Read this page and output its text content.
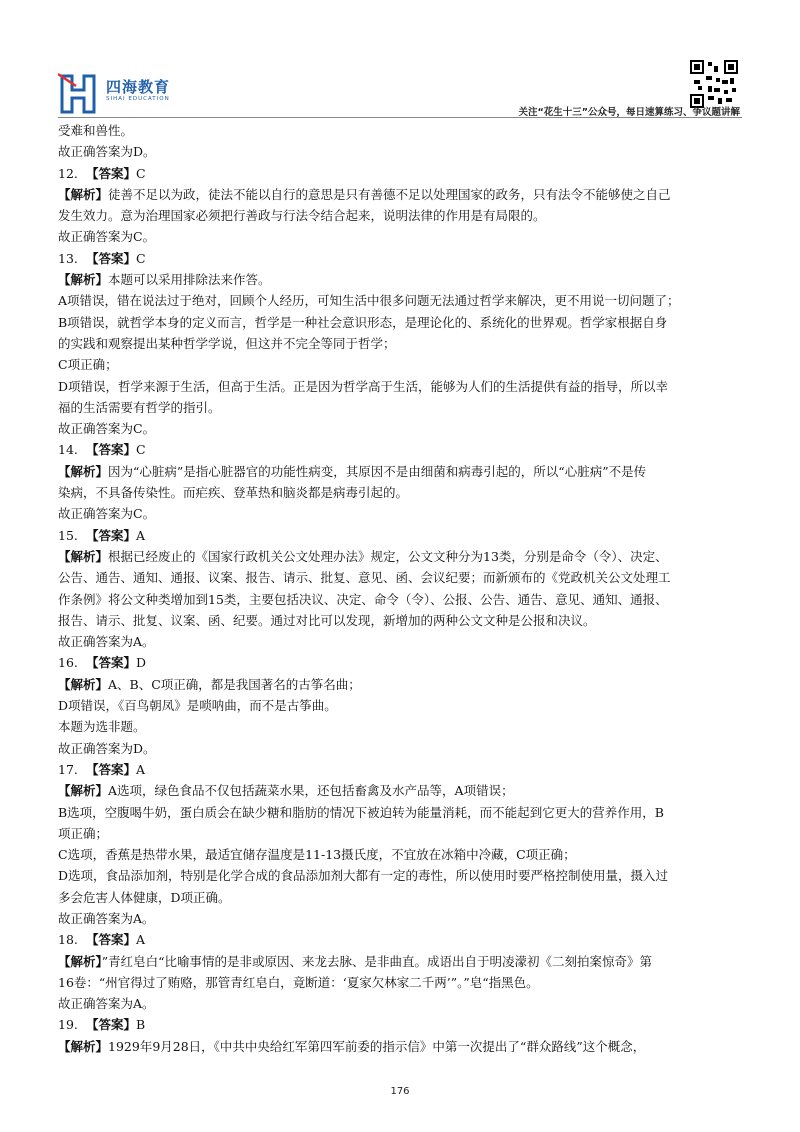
四海教育
SIHAI EDUCATION
关注“花生十三”公众号，每日速算练习、争议题讲解
受难和兽性。
故正确答案为D。
12. 【答案】C
【解析】徒善不足以为政，徒法不能以自行的意思是只有善德不足以处理国家的政务，只有法令不能够使之自己
发生效力。意为治理国家必须把行善政与行法令结合起来，说明法律的作用是有局限的。
故正确答案为C。
13. 【答案】C
【解析】本题可以采用排除法来作答。
A项错误，错在说法过于绝对，回顾个人经历，可知生活中很多问题无法通过哲学来解决，更不用说一切问题了；
B项错误，就哲学本身的定义而言，哲学是一种社会意识形态，是理论化的、系统化的世界观。哲学家根据自身
的实践和观察提出某种哲学学说，但这并不完全等同于哲学；
C项正确；
D项错误，哲学来源于生活，但高于生活。正是因为哲学高于生活，能够为人们的生活提供有益的指导，所以幸
福的生活需要有哲学的指引。
故正确答案为C。
14. 【答案】C
【解析】因为“心脏病”是指心脏器官的功能性病变，其原因不是由细菌和病毒引起的，所以“心脏病”不是传
染病，不具备传染性。而疟疾、登革热和脑炎都是病毒引起的。
故正确答案为C。
15. 【答案】A
【解析】根据已经废止的《国家行政机关公文处理办法》规定，公文文种分为13类，分别是命令（令）、决定、
公告、通告、通知、通报、议案、报告、请示、批复、意见、函、会议纪要；而新颁布的《党政机关公文处理工
作条例》将公文种类增加到15类，主要包括决议、决定、命令（令）、公报、公告、通告、意见、通知、通报、
报告、请示、批复、议案、函、纪要。通过对比可以发现，新增加的两种公文文种是公报和决议。
故正确答案为A。
16. 【答案】D
【解析】A、B、C项正确，都是我国著名的古筝名曲；
D项错误，《百鸟朝凤》是唢呐曲，而不是古筝曲。
本题为选非题。
故正确答案为D。
17. 【答案】A
【解析】A选项，绿色食品不仅包括蔬菜水果，还包括畜禽及水产品等，A项错误；
B选项，空腹喝牛奶，蛋白质会在缺少糖和脂肪的情况下被迫转为能量消耗，而不能起到它更大的营养作用，B
项正确；
C选项，香蕉是热带水果，最适宜储存温度是11-13摄氏度，不宜放在冰箱中冷藏，C项正确；
D选项，食品添加剂，特别是化学合成的食品添加剂大都有一定的毒性，所以使用时要严格控制使用量，摄入过
多会危害人体健康，D项正确。
故正确答案为A。
18. 【答案】A
【解析】”青红皂白“比喻事情的是非或原因、来龙去脉、是非曲直。成语出自于明凌濛初《二刻拍案惊奇》第
16卷：“州官得过了贿赂，那管青红皂白，竟断道：‘夏家欠林家二千两’”。”皂“指黑色。
故正确答案为A。
19. 【答案】B
【解析】1929年9月28日，《中共中央给红军第四军前委的指示信》中第一次提出了“群众路线”这个概念，
176
